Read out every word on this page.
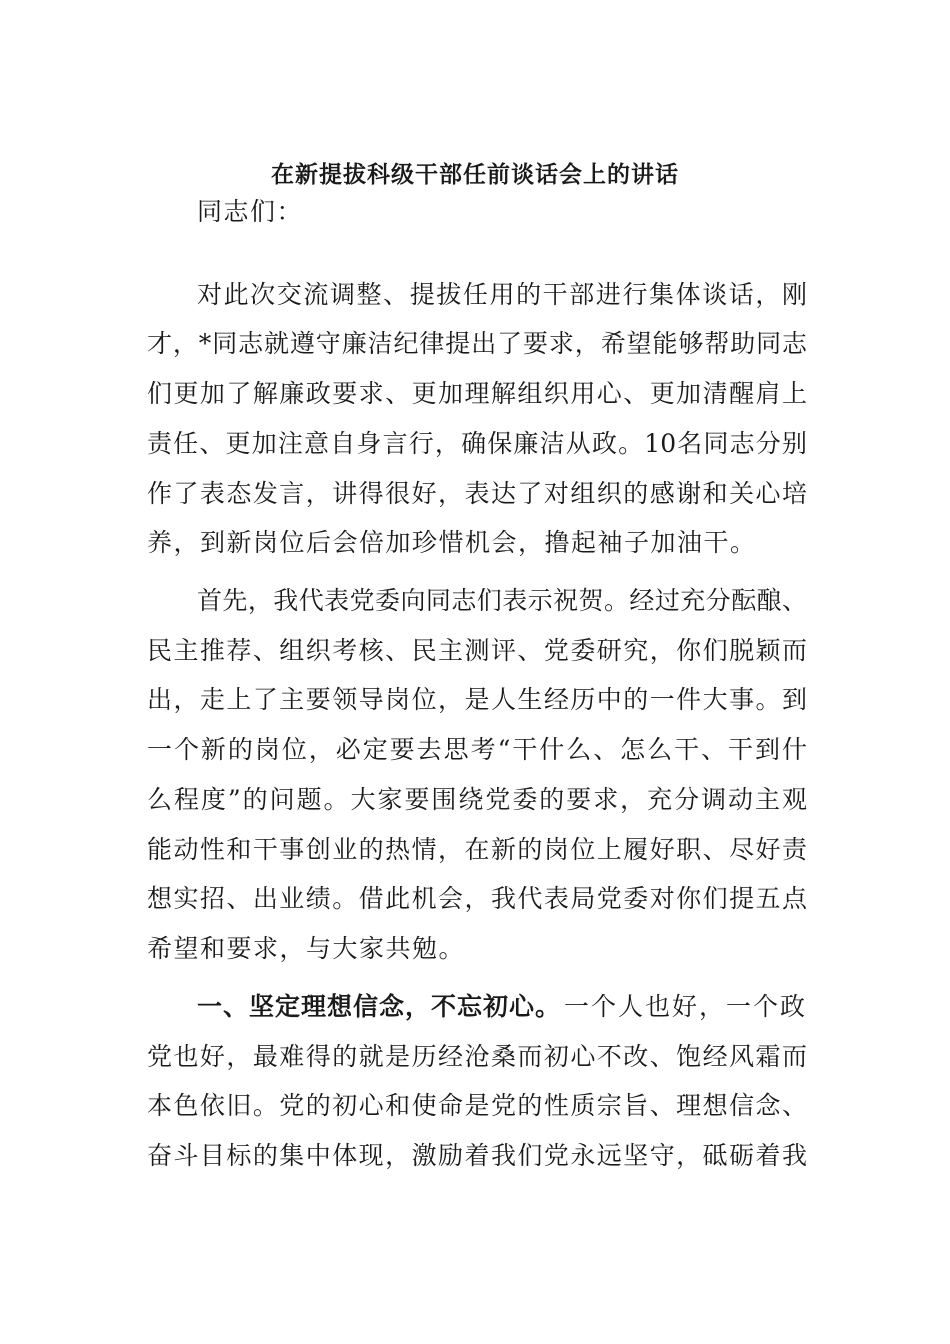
在新提拔科级干部任前谈话会上的讲话

同志们：

对此次交流调整、提拔任用的干部进行集体谈话，刚

才，*同志就遵守廉洁纪律提出了要求，希望能够帮助同志

们更加了解廉政要求、更加理解组织用心、更加清醒肩上

责任、更加注意自身言行，确保廉洁从政。10名同志分别

作了表态发言，讲得很好，表达了对组织的感谢和关心培

养，到新岗位后会倍加珍惜机会，撸起袖子加油干。

首先，我代表党委向同志们表示祝贺。经过充分酝酿、

民主推荐、组织考核、民主测评、党委研究，你们脱颖而

出，走上了主要领导岗位，是人生经历中的一件大事。到

一个新的岗位，必定要去思考“干什么、怎么干、干到什

么程度”的问题。大家要围绕党委的要求，充分调动主观

能动性和干事创业的热情，在新的岗位上履好职、尽好责

想实招、出业绩。借此机会，我代表局党委对你们提五点

希望和要求，与大家共勉。

一、坚定理想信念，不忘初心。 一个人也好，一个政

党也好，最难得的就是历经沧桑而初心不改、饱经风霜而

本色依旧。党的初心和使命是党的性质宗旨、理想信念、

奋斗目标的集中体现，激励着我们党永远坚守，砥砺着我
